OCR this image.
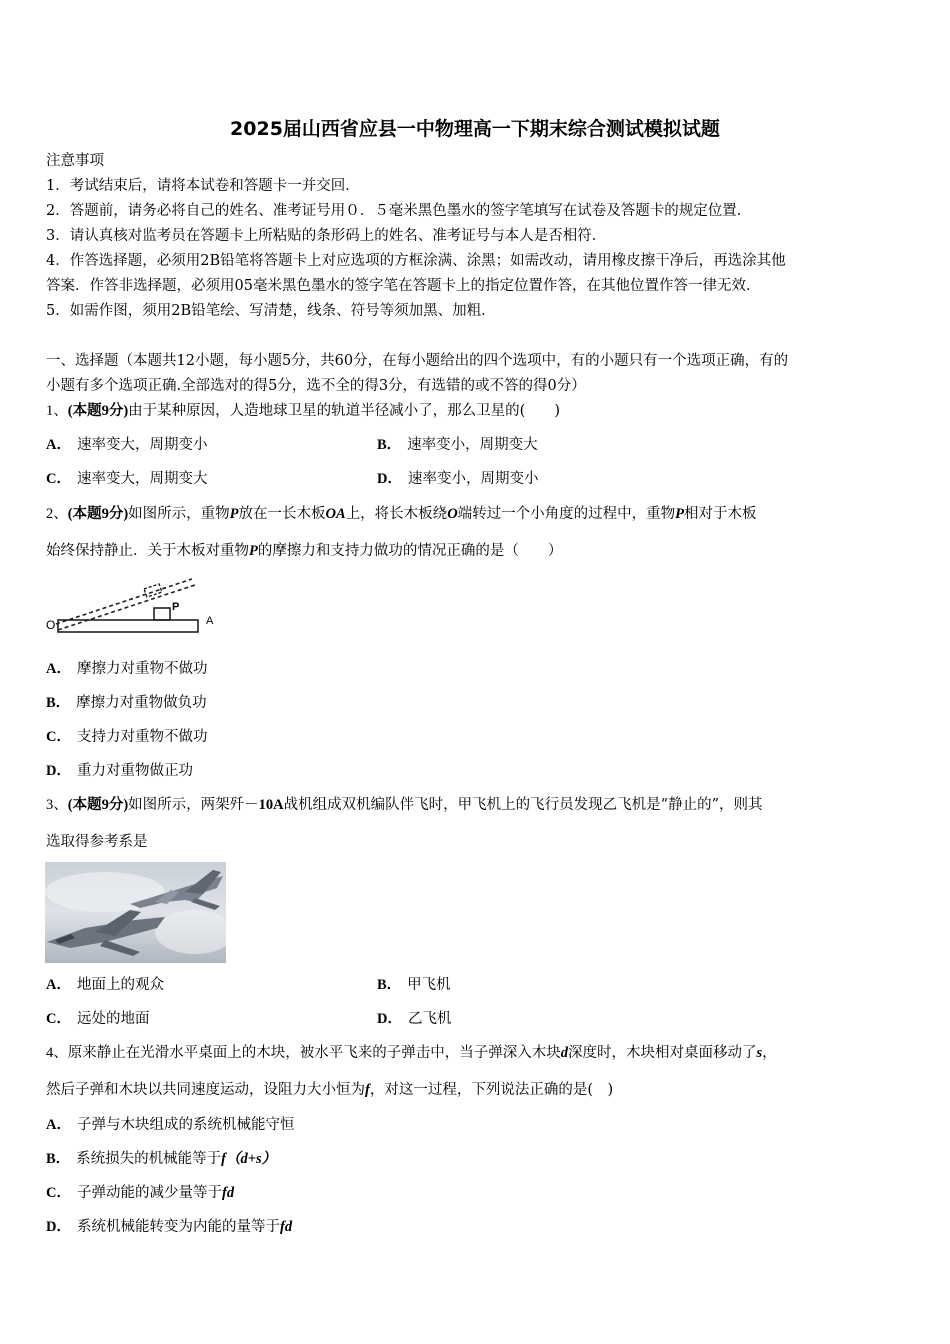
2025届山西省应县一中物理高一下期末综合测试模拟试题
注意事项
1．考试结束后，请将本试卷和答题卡一并交回．
2．答题前，请务必将自己的姓名、准考证号用０．５毫米黑色墨水的签字笔填写在试卷及答题卡的规定位置．
3．请认真核对监考员在答题卡上所粘贴的条形码上的姓名、准考证号与本人是否相符．
4．作答选择题，必须用2B铅笔将答题卡上对应选项的方框涂满、涂黑；如需改动，请用橡皮擦干净后，再选涂其他
答案．作答非选择题，必须用05毫米黑色墨水的签字笔在答题卡上的指定位置作答，在其他位置作答一律无效．
5．如需作图，须用2B铅笔绘、写清楚，线条、符号等须加黑、加粗．
一、选择题（本题共12小题，每小题5分，共60分，在每小题给出的四个选项中，有的小题只有一个选项正确，有的
小题有多个选项正确.全部选对的得5分，选不全的得3分，有选错的或不答的得0分）
1、(本题9分)由于某种原因，人造地球卫星的轨道半径减小了，那么卫星的(　　)
A． 速率变大，周期变小	B． 速率变小，周期变大
C． 速率变大，周期变大	D． 速率变小，周期变小
2、(本题9分)如图所示，重物P放在一长木板OA上，将长木板绕O端转过一个小角度的过程中，重物P相对于木板
始终保持静止．关于木板对重物P的摩擦力和支持力做功的情况正确的是（　　）
O
P
A
A． 摩擦力对重物不做功
B． 摩擦力对重物做负功
C． 支持力对重物不做功
D． 重力对重物做正功
3、(本题9分)如图所示，两架歼－10A战机组成双机编队伴飞时，甲飞机上的飞行员发现乙飞机是“静止的”，则其
选取得参考系是
A． 地面上的观众	B． 甲飞机
C． 远处的地面	D． 乙飞机
4、原来静止在光滑水平桌面上的木块，被水平飞来的子弹击中，当子弹深入木块d深度时，木块相对桌面移动了s，
然后子弹和木块以共同速度运动，设阻力大小恒为f，对这一过程，下列说法正确的是(　)
A． 子弹与木块组成的系统机械能守恒
B． 系统损失的机械能等于f（d+s）
C． 子弹动能的减少量等于fd
D． 系统机械能转变为内能的量等于fd
